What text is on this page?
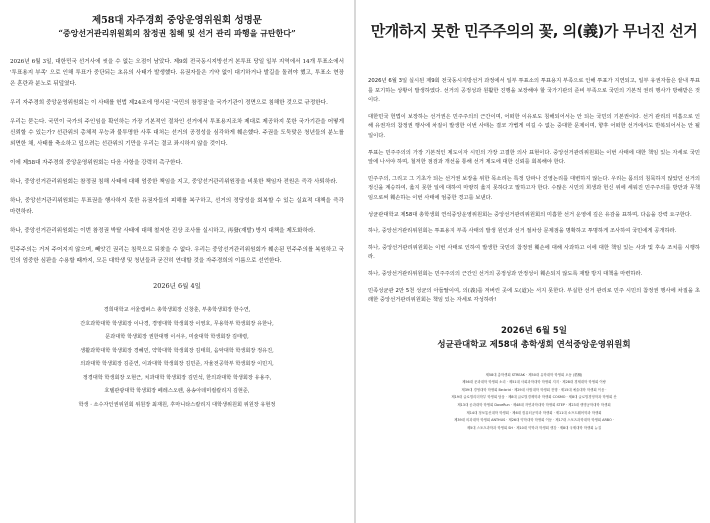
제58대 자주경희 중앙운영위원회 성명문
“중앙선거관리위원회의 참정권 침해 및 선거 관리 파행을 규탄한다”

2026년 6월 3일, 대한민국 선거사에 씻을 수 없는 오점이 남았다. 제9회 전국동시지방선거 본투표 당일 일부 지역에서 14개 투표소에서 '투표용지 부족' 으로 인해 투표가 중단되는 초유의 사태가 발생했다. 유권자들은 기약 없이 대기하거나 발길을 돌려야 했고, 투표소 현장은 혼란과 분노로 뒤덮였다.

우리 자주경희 중앙운영위원회는 이 사태를 헌법 제24조에 명시된 '국민의 참정권'을 국가기관이 정면으로 침해한 것으로 규정한다.

우리는 묻는다. 국민이 국가의 주인임을 확인하는 가장 기본적인 절차인 선거에서 투표용지조차 제대로 제공하지 못한 국가기관을 어떻게 신뢰할 수 있는가? 선관위의 총체적 무능과 불투명한 사후 대처는 선거의 공정성을 심각하게 훼손했다. 주권을 도둑맞은 청년들의 분노를 외면한 채, 사태를 축소하고 덮으려는 선관위의 기만을 우리는 결코 좌시하지 않을 것이다.

이에 제58대 자주경희 중앙운영위원회는 다음 사항을 강력히 촉구한다.

하나, 중앙선거관리위원회는 참정권 침해 사태에 대해 엄중한 책임을 지고, 중앙선거관리위원장을 비롯한 책임자 전원은 즉각 사퇴하라.

하나, 중앙선거관리위원회는 투표권을 행사하지 못한 유권자들의 피해를 복구하고, 선거의 정당성을 회복할 수 있는 실효적 대책을 즉각 마련하라.

하나, 중앙선거관리위원회는 이번 참정권 박탈 사태에 대해 철저한 진상 조사를 실시하고, 再發(재발) 방지 대책을 제도화하라.

민주주의는 거저 주어지지 않으며, 빼앗긴 권리는 침묵으로 되찾을 수 없다. 우리는 중앙선거관리위원회가 훼손된 민주주의를 복원하고 국민의 엄중한 심판을 수용할 때까지, 모든 대학생 및 청년들과 굳건히 연대할 것을 자주경희의 이름으로 선언한다.

2026년 6월 4일

경희대학교 서울캠퍼스 총학생회장 신창훈, 부총학생회장 한수연,

간호과학대학 학생회장 이나경, 경영대학 학생회장 이영호, 무용학부 학생회장 유한나,

문과대학 학생회장 권한대행 이서우, 미술대학 학생회장 김태령,

생활과학대학 학생회장 경혜민, 약학대학 학생회장 김태희, 음악대학 학생회장 정유진,

의과대학 학생회장 김준연, 이과대학 학생회장 김민준, 자율전공학부 학생회장 이민지,

정경대학 학생회장 오현근, 치과대학 학생회장 김민석, 한의과대학 학생회장 유용주,

호텔관광대학 학생회장 페레스오렌, 용송아데미컬칼리지 김현준,

학생 · 소수자인권위원회 위원장 최재원, 후마니타스칼리지 대학생위원회 위원장 유현정

만개하지 못한 민주주의의 꽃, 의(義)가 무너진 선거

2026년 6월 3일 실시된 제9회 전국동시지방선거 과정에서 일부 투표소의 투표용지 부족으로 인해 투표가 지연되고, 일부 유권자들은 끝내 투표를 포기하는 상황이 발생하였다. 선거의 공정성과 원활한 진행을 보장해야 할 국가기관의 준비 부족으로 국민의 기본적 권리 행사가 방해받은 것이다.

대한민국 헌법이 보장하는 선거권은 민주주의의 근간이며, 어떠한 이유로도 침해되어서는 안 되는 국민의 기본권이다. 선거 관리의 미흡으로 인해 유권자의 참정권 행사에 차질이 발생한 이번 사태는 결코 가볍게 여길 수 없는 중대한 문제이며, 향후 어떠한 선거에서도 반복되어서는 안 될 일이다.

투표는 민주주의의 가장 기본적인 제도이자 시민의 가장 고결한 의사 표현이다. 중앙선거관리위원회는 이번 사태에 대한 책임 있는 자세로 국민 앞에 나서야 하며, 철저한 점검과 개선을 통해 선거 제도에 대한 신뢰를 회복해야 한다.

민주주의, 그리고 그 기초가 되는 선거권 보장을 위한 목소리는 특정 당파나 진영논리를 대변하지 않는다. 우리는 몸의의 침묵하지 않았던 선거의 정신을 계승하여, 옳지 못한 일에 대하여 마땅히 옳지 못하다고 말하고자 한다. 수많은 시민의 희생과 헌신 위에 세워진 민주주의를 방만과 무책임으로써 훼손하는 이번 사태에 엄중한 경고를 보낸다.

성균관대학교 제58대 총학생회 연석중앙운영위원회는 중앙선거관리위원회의 미흡한 선거 운영에 깊은 유감을 표하며, 다음을 강력 요구한다.

하나, 중앙선거관리위원회는 투표용지 부족 사태의 발생 원인과 선거 절차상 문제점을 명확하고 투명하게 조사하여 국민에게 공개하라.

하나, 중앙선거관리위원회는 이번 사태로 인하여 발생한 국민의 참정권 훼손에 대해 사과하고 이에 대한 책임 있는 사과 및 후속 조치를 시행하라.

하나, 중앙선거관리위원회는 민주주의의 근간인 선거의 공정성과 안정성이 훼손되지 않도록 재발 방지 대책을 마련하라.

민족성균관 2만 5천 성균의 아들딸이여, 의(義)를 저버린 곳에 도(道)는 서지 못한다. 부실한 선거 관리로 민주 시민의 참정권 행사에 차질을 초래한 중앙선거관리위원회는 책임 있는 자세로 각성하라!

2026년 6월 5일
성균관대학교 제58대 총학생회 연석중앙운영위원회

제58대 총학생회 STREAK · 제50대 유학대학 학생회 오동 (梧桐)

제56대 문과대학 학생회 소리 · 제51대 사회과학대학 학생회 지지 · 제28대 경제대학 학생회 이랑

제39대 경영대학 학생회 Be:brid · 제29대 사범대학 학생회 전행 · 제15대 예술대학 학생회 이음 ·

제19대 글로벌리더학부 학생회 담움 · 제8대 글로벌경제학과 학생회 COSMO · 제8대 글로벌경영학과 학생회 산

제13대 공과대학 학생회 DoveRun · 제48대 자연과학대학 학생회 STEP · 제23대 생명공학대학 학생회

제14대 정보통신대학 학생회 · 제6대 컴퓨터공학과 학생회 · 제11대 소프트웨어학과 학생회

제39대 의과대학 학생회 ANTHUS · 제26대 약학대학 학생회 이동 · 제17대 스포츠과학대학 학생회 ARBO ·

제5대 스포츠과학과 학생회 SH · 제10대 약학과 학생회 생강 · 제8대 국제대학 학생회 뉴질
